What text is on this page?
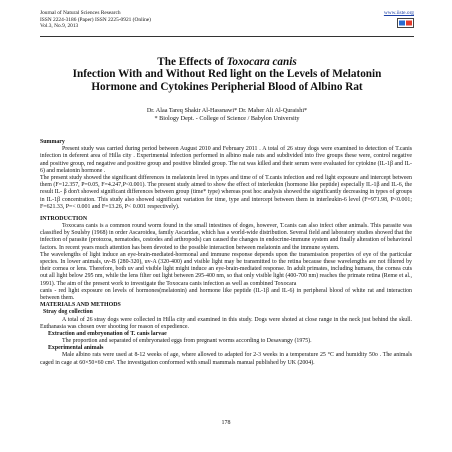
Journal of Natural Sciences Research
ISSN 2224-3186 (Paper) ISSN 2225-0921 (Online)
Vol.3, No.9, 2013
www.iiste.org
The Effects of Toxocara canis
Infection With and Without Red light on the Levels of Melatonin
Hormone and Cytokines Peripherial Blood of Albino Rat
Dr. Alaa Tareq Shakir Al-Hassnawi* Dr. Maher Ali Al-Quraishi*
* Biology Dept. - College of Science / Babylon University

Summary

Present study was carried during period between August 2010 and February 2011 . A total of 26 stray dogs were examined to detection of T.canis infection in deferent area of Hilla city . Experimental infection performed in albino male rats and subdivided into five groups these were, control negative and positive group, red negative and positive group and positive blinded group. The rat was killed and their serum were evaluated for cytokine (IL-1β and IL-6) and melatonin hormone .

The present study showed the significant differences in melatonin level in types and time of of T.canis infection and red light exposure and intercept between them (F=12.357, P=0.05, F=4.247,P<0.001). The present study aimed to show the effect of interleukin (hormone like peptide) especially IL-1β and IL-6, the result IL- β don't showed significant differences between group (time* type) whereas post hoc analysis showed the significantly decreasing in types of groups in IL-1β concentration. This study also showed significant variation for time, type and intercept between them in interleukin-6 level (F=971.98, P<0.001; F=621.33, P=< 0.001 and F=13.26, P< 0.001 respectively).

INTRODUCTION

Toxocara canis is a common round worm found in the small intestines of doges, however, T.canis can also infect other animals. This parasite was classified by Soulsby (1968) in order Ascaroidea, family Ascaridae, which has a world-wide distribution. Several field and laboratory studies showed that the infection of parasite (protozoa, nematodes, cestodes and arthropods) can caused the changes in endocrine-immune system and finally alteration of behavioral factors. In recent years much attention has been devoted to the possible interaction between melatonin and the immune system.

The wavelengths of light induce an eye-brain-mediated-hormonal and immune response depends upon the transmission properties of eye of the particular species. In lower animals, uv-B (280-320), uv-A (320-400) and visible light may be transmitted to the retina because these wavelengths are not filtered by their cornea or lens. Therefore, both uv and visible light might induce an eye-brain-mediated response. In adult primates, including humans, the cornea cuts out all light below 295 nm, while the lens filter out light between 295-400 nm, so that only visible light (400-700 nm) reaches the primate retina (Reme et al., 1991). The aim of the present work to investigate the Toxocara canis infection as well as combined Toxocara

canis - red light exposure on levels of hormones(melatonin) and hormone like peptide (IL-1β and IL-6) in peripheral blood of white rat and interaction between them.

MATERIALS AND METHODS

Stray dog collection

A total of 26 stray dogs were collected in Hilla city and examined in this study. Dogs were shoted at close range in the neck just behind the skull. Euthanasia was chosen over shooting for reason of expedience.

Extraction and embryonation of T. canis larvae

The proportion and separated of embryonated eggs from pregnant worms according to Desavangy (1975).

Experimental animals

Male albino rats were used at 8-12 weeks of age, where allowed to adapted for 2-3 weeks in a temperature 25 °C and humidity 50o . The animals caged in cage at 60×50×60 cm². The investigation conformed with small mammals manual published by UK (2004).

178
